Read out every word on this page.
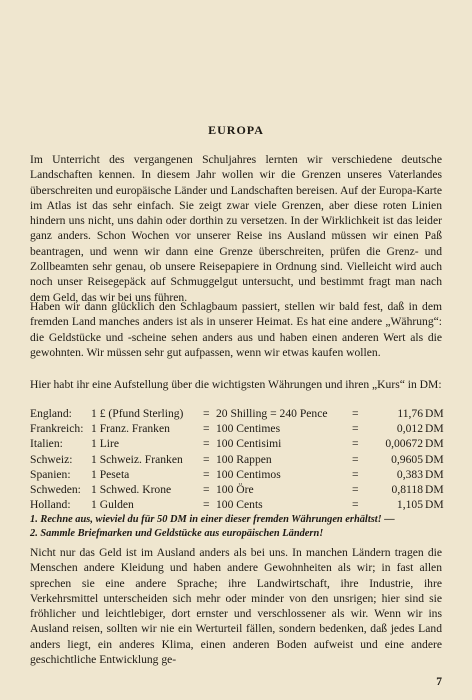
EUROPA

Im Unterricht des vergangenen Schuljahres lernten wir verschiedene deutsche Landschaften kennen. In diesem Jahr wollen wir die Grenzen unseres Vaterlandes überschreiten und europäische Länder und Landschaften bereisen. Auf der Europa-Karte im Atlas ist das sehr einfach. Sie zeigt zwar viele Grenzen, aber diese roten Linien hindern uns nicht, uns dahin oder dorthin zu versetzen. In der Wirklichkeit ist das leider ganz anders. Schon Wochen vor unserer Reise ins Ausland müssen wir einen Paß beantragen, und wenn wir dann eine Grenze überschreiten, prüfen die Grenz- und Zollbeamten sehr genau, ob unsere Reisepapiere in Ordnung sind. Vielleicht wird auch noch unser Reisegepäck auf Schmuggelgut untersucht, und bestimmt fragt man nach dem Geld, das wir bei uns führen.

Haben wir dann glücklich den Schlagbaum passiert, stellen wir bald fest, daß in dem fremden Land manches anders ist als in unserer Heimat. Es hat eine andere „Währung“: die Geldstücke und -scheine sehen anders aus und haben einen anderen Wert als die gewohnten. Wir müssen sehr gut aufpassen, wenn wir etwas kaufen wollen.

Hier habt ihr eine Aufstellung über die wichtigsten Währungen und ihren „Kurs“ in DM:

England: 1 £ (Pfund Sterling) = 20 Shilling = 240 Pence =	11,76 DM
Frankreich: 1 Franz. Franken	= 100 Centimes	=	0,012 DM
Italien: 1 Lire	= 100 Centisimi	=	0,00672 DM
Schweiz: 1 Schweiz. Franken = 100 Rappen	=	0,9605 DM
Spanien: 1 Peseta	= 100 Centimos	=	0,383 DM
Schweden: 1 Schwed. Krone	= 100 Öre	=	0,8118 DM
Holland: 1 Gulden	= 100 Cents	=	1,105 DM
1. Rechne aus, wieviel du für 50 DM in einer dieser fremden Währungen erhältst! —
2. Sammle Briefmarken und Geldstücke aus europäischen Ländern!

Nicht nur das Geld ist im Ausland anders als bei uns. In manchen Ländern tragen die Menschen andere Kleidung und haben andere Gewohnheiten als wir; in fast allen sprechen sie eine andere Sprache; ihre Landwirtschaft, ihre Industrie, ihre Verkehrsmittel unterscheiden sich mehr oder minder von den unsrigen; hier sind sie fröhlicher und leichtlebiger, dort ernster und verschlossener als wir. Wenn wir ins Ausland reisen, sollten wir nie ein Werturteil fällen, sondern bedenken, daß jedes Land anders liegt, ein anderes Klima, einen anderen Boden aufweist und eine andere geschichtliche Entwicklung ge-

7
